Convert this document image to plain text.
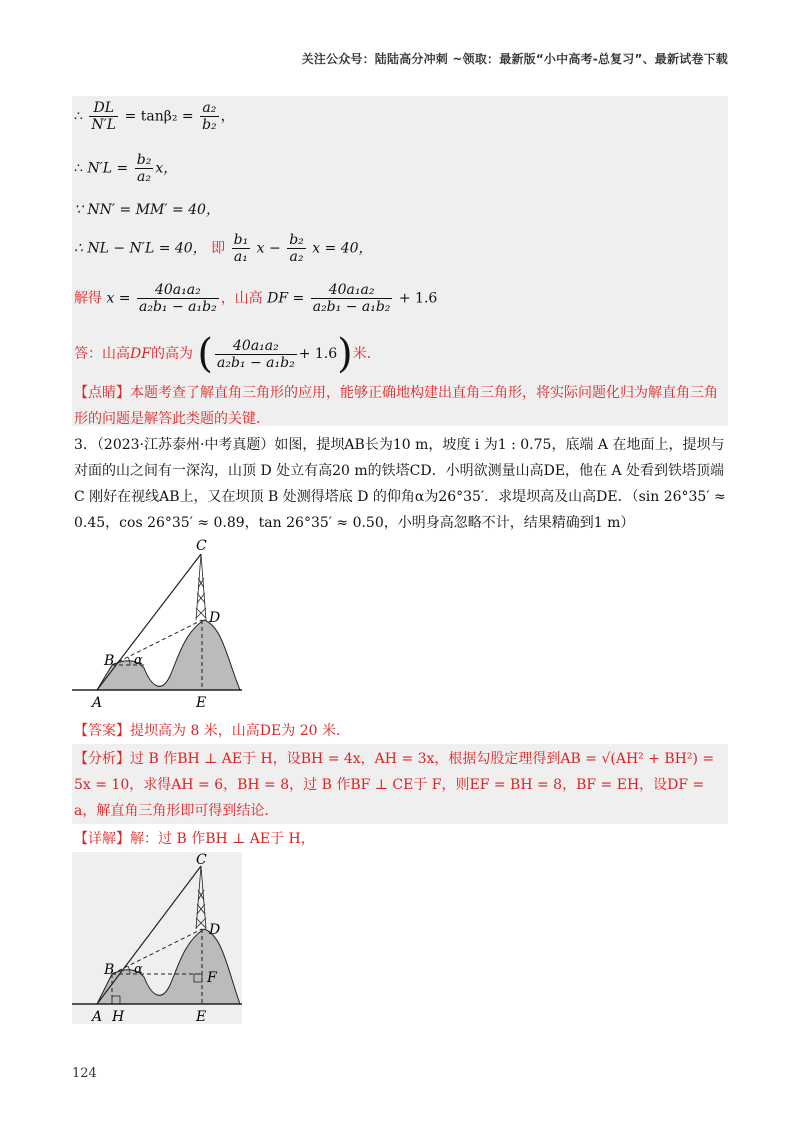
关注公众号：陆陆高分冲刺 ~领取：最新版“小中高考-总复习”、最新试卷下载
∴ $\frac{DL}{N'L} = \tan\beta_2 = \frac{\text{a₂}}{\text{b₂}}$ ，
∴ $N'L = \frac{\text{b₂}}{\text{a₂}}$ x，
∵ NN′ = MM′ = 40，
∴ NL − N′L = 40， 即 $\frac{\text{b₁}}{\text{a₁}}$ $x - \frac{\text{b₂}}{\text{a₂}}$ x = 40，
解得 $x = \frac{\text{40a₁a₂}}{\text{a₂b₁ − a₁b₂}}$ ，山高 DF = $\frac{\text{40a₁a₂}}{\text{a₂b₁ − a₁b₂}} + 1.6$
答：山高DF的高为 ( $\frac{\text{40a₁a₂}}{\text{a₂b₁ − a₁b₂}} + 1.6$)米．
【点睛】本题考查了解直角三角形的应用，能够正确地构建出直角三角形，将实际问题化归为解直角三角形的问题是解答此类题的关键．
3．（2023·江苏泰州·中考真题）如图，提坝AB长为10 m，坡度 i 为1 : 0.75，底端 A 在地面上，提坝与对面的山之间有一深沟，山顶 D 处立有高20 m的铁塔CD．小明欲测量山高DE，他在 A 处看到铁塔顶端 C 刚好在视线AB上，又在坝顶 B 处测得塔底 D 的仰角α为26°35′．求堤坝高及山高DE．（sin 26°35′ ≈ 0.45，cos 26°35′ ≈ 0.89，tan 26°35′ ≈ 0.50，小明身高忽略不计，结果精确到1 m）
C
D
B α
A	E
【答案】提坝高为 8 米，山高DE为 20 米．
【分析】过 B 作BH ⊥ AE于 H，设BH = 4x，AH = 3x，根据勾股定理得到AB = √(AH² + BH²) = 5x = 10，求得AH = 6，BH = 8，过 B 作BF ⊥ CE于 F，则EF = BH = 8，BF = EH，设DF = a，解直角三角形即可得到结论．
【详解】解：过 B 作BH ⊥ AE于 H，
C
D
B α
F
A H	E
124
